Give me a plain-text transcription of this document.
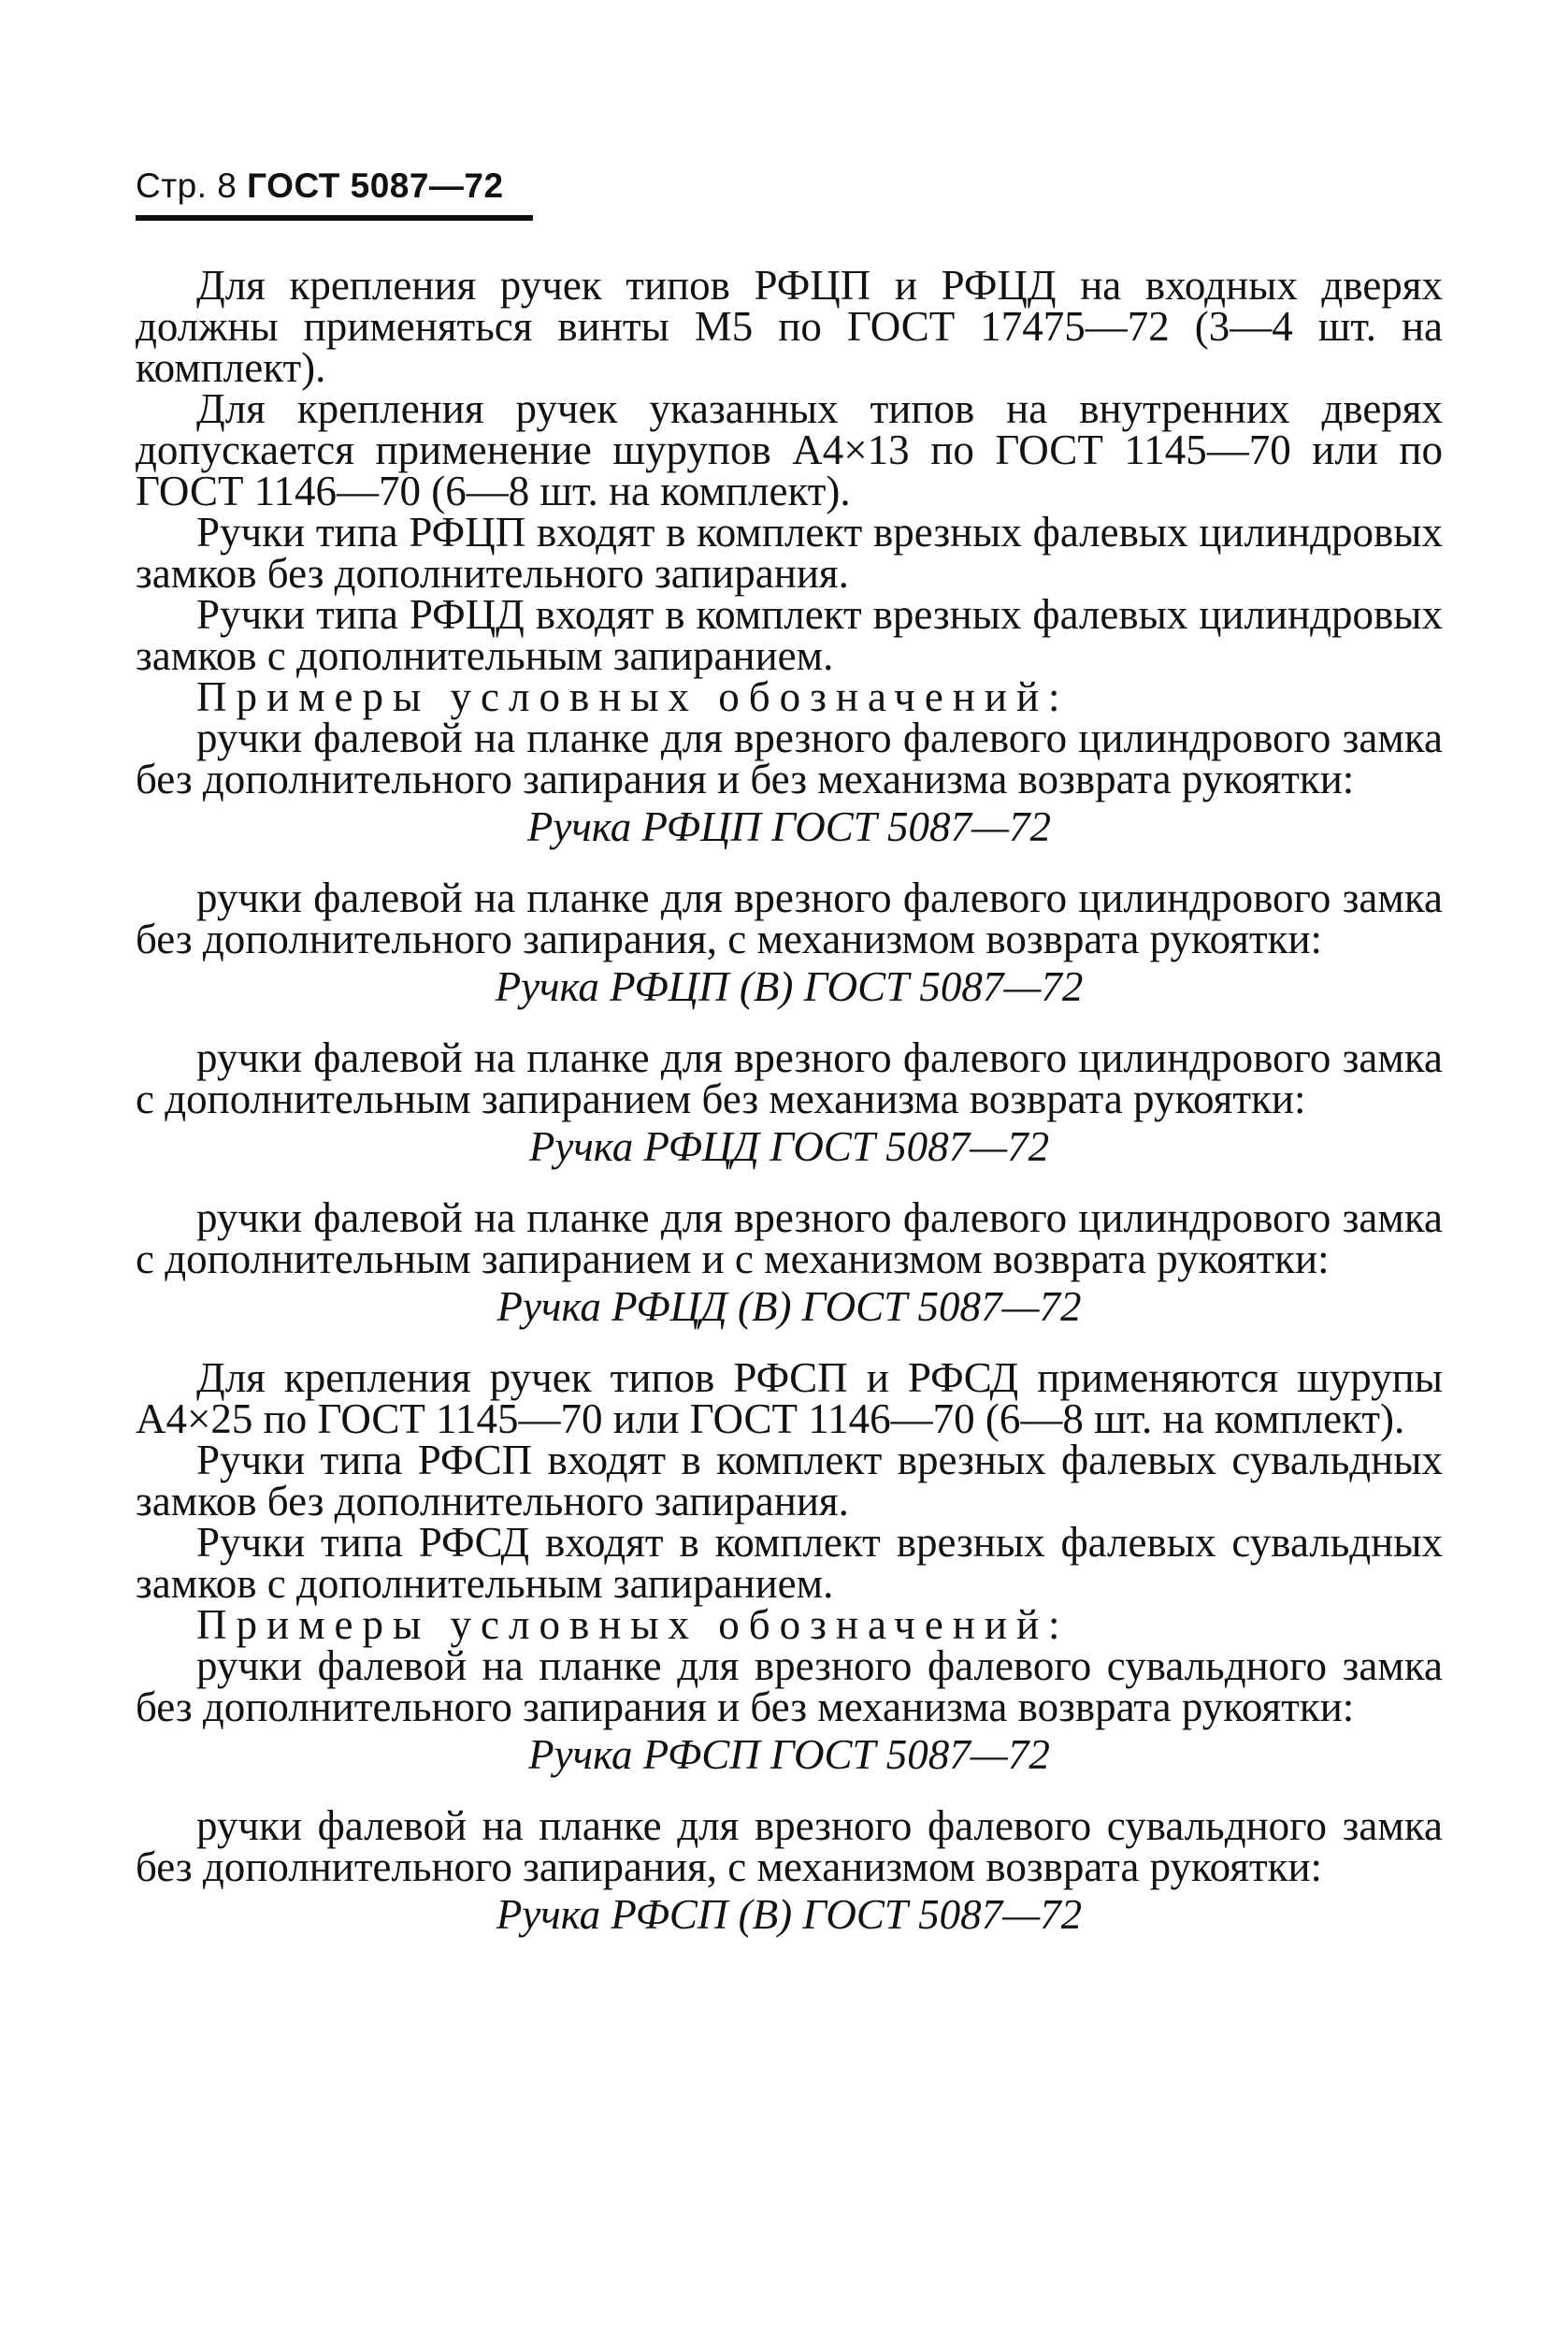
Стр. 8 ГОСТ 5087—72

Для крепления ручек типов РФЦП и РФЦД на входных дверях должны применяться винты М5 по ГОСТ 17475—72 (3—4 шт. на комплект).

Для крепления ручек указанных типов на внутренних дверях допускается применение шурупов А4×13 по ГОСТ 1145—70 или по ГОСТ 1146—70 (6—8 шт. на комплект).

Ручки типа РФЦП входят в комплект врезных фалевых цилиндровых замков без дополнительного запирания.

Ручки типа РФЦД входят в комплект врезных фалевых цилиндровых замков с дополнительным запиранием.

Примеры условных обозначений:

ручки фалевой на планке для врезного фалевого цилиндрового замка без дополнительного запирания и без механизма возврата рукоятки:

Ручка РФЦП ГОСТ 5087—72

ручки фалевой на планке для врезного фалевого цилиндрового замка без дополнительного запирания, с механизмом возврата рукоятки:

Ручка РФЦП (В) ГОСТ 5087—72

ручки фалевой на планке для врезного фалевого цилиндрового замка с дополнительным запиранием без механизма возврата рукоятки:

Ручка РФЦД ГОСТ 5087—72

ручки фалевой на планке для врезного фалевого цилиндрового замка с дополнительным запиранием и с механизмом возврата рукоятки:

Ручка РФЦД (В) ГОСТ 5087—72

Для крепления ручек типов РФСП и РФСД применяются шурупы А4×25 по ГОСТ 1145—70 или ГОСТ 1146—70 (6—8 шт. на комплект).

Ручки типа РФСП входят в комплект врезных фалевых сувальдных замков без дополнительного запирания.

Ручки типа РФСД входят в комплект врезных фалевых сувальдных замков с дополнительным запиранием.

Примеры условных обозначений:

ручки фалевой на планке для врезного фалевого сувальдного замка без дополнительного запирания и без механизма возврата рукоятки:

Ручка РФСП ГОСТ 5087—72

ручки фалевой на планке для врезного фалевого сувальдного замка без дополнительного запирания, с механизмом возврата рукоятки:

Ручка РФСП (В) ГОСТ 5087—72
